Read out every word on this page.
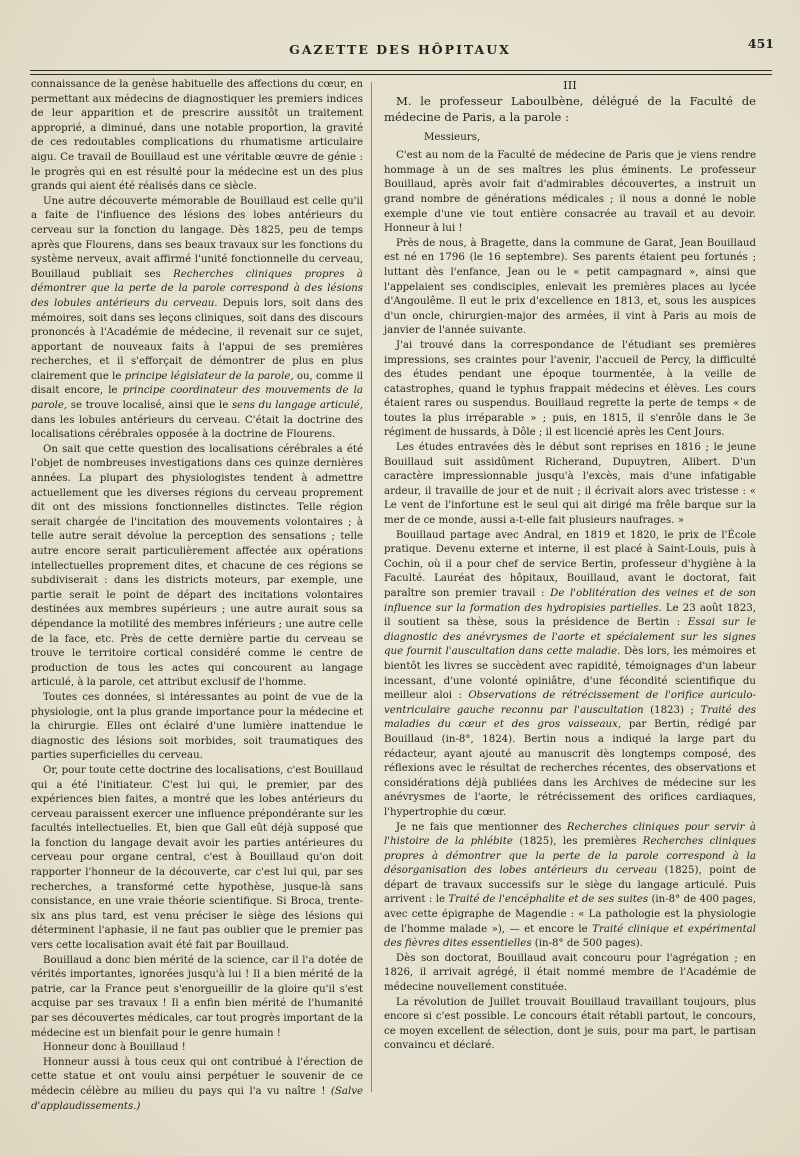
GAZETTE DES HÔPITAUX	451

connaissance de la genèse habituelle des affections du cœur, en permettant aux médecins de diagnostiquer les premiers indices de leur apparition et de prescrire aussitôt un traitement approprié, a diminué, dans une notable proportion, la gravité de ces redoutables complications du rhumatisme articulaire aigu. Ce travail de Bouillaud est une véritable œuvre de génie : le progrès qui en est résulté pour la médecine est un des plus grands qui aient été réalisés dans ce siècle.

Une autre découverte mémorable de Bouillaud est celle qu'il a faite de l'influence des lésions des lobes antérieurs du cerveau sur la fonction du langage. Dès 1825, peu de temps après que Flourens, dans ses beaux travaux sur les fonctions du système nerveux, avait affirmé l'unité fonctionnelle du cerveau, Bouillaud publiait ses Recherches cliniques propres à démontrer que la perte de la parole correspond à des lésions des lobules antérieurs du cerveau. Depuis lors, soit dans des mémoires, soit dans ses leçons cliniques, soit dans des discours prononcés à l'Académie de médecine, il revenait sur ce sujet, apportant de nouveaux faits à l'appui de ses premières recherches, et il s'efforçait de démontrer de plus en plus clairement que le principe législateur de la parole, ou, comme il disait encore, le principe coordinateur des mouvements de la parole, se trouve localisé, ainsi que le sens du langage articulé, dans les lobules antérieurs du cerveau. C'était la doctrine des localisations cérébrales opposée à la doctrine de Flourens.

On sait que cette question des localisations cérébrales a été l'objet de nombreuses investigations dans ces quinze dernières années. La plupart des physiologistes tendent à admettre actuellement que les diverses régions du cerveau proprement dit ont des missions fonctionnelles distinctes. Telle région serait chargée de l'incitation des mouvements volontaires ; à telle autre serait dévolue la perception des sensations ; telle autre encore serait particulièrement affectée aux opérations intellectuelles proprement dites, et chacune de ces régions se subdiviserait : dans les districts moteurs, par exemple, une partie serait le point de départ des incitations volontaires destinées aux membres supérieurs ; une autre aurait sous sa dépendance la motilité des membres inférieurs ; une autre celle de la face, etc. Près de cette dernière partie du cerveau se trouve le territoire cortical considéré comme le centre de production de tous les actes qui concourent au langage articulé, à la parole, cet attribut exclusif de l'homme.

Toutes ces données, si intéressantes au point de vue de la physiologie, ont la plus grande importance pour la médecine et la chirurgie. Elles ont éclairé d'une lumière inattendue le diagnostic des lésions soit morbides, soit traumatiques des parties superficielles du cerveau.

Or, pour toute cette doctrine des localisations, c'est Bouillaud qui a été l'initiateur. C'est lui qui, le premier, par des expériences bien faites, a montré que les lobes antérieurs du cerveau paraissent exercer une influence prépondérante sur les facultés intellectuelles. Et, bien que Gall eût déjà supposé que la fonction du langage devait avoir les parties antérieures du cerveau pour organe central, c'est à Bouillaud qu'on doit rapporter l'honneur de la découverte, car c'est lui qui, par ses recherches, a transformé cette hypothèse, jusque-là sans consistance, en une vraie théorie scientifique. Si Broca, trente-six ans plus tard, est venu préciser le siège des lésions qui déterminent l'aphasie, il ne faut pas oublier que le premier pas vers cette localisation avait été fait par Bouillaud.

Bouillaud a donc bien mérité de la science, car il l'a dotée de vérités importantes, ignorées jusqu'à lui ! Il a bien mérité de la patrie, car la France peut s'enorgueillir de la gloire qu'il s'est acquise par ses travaux ! Il a enfin bien mérité de l'humanité par ses découvertes médicales, car tout progrès important de la médecine est un bienfait pour le genre humain !

Honneur donc à Bouillaud !

Honneur aussi à tous ceux qui ont contribué à l'érection de cette statue et ont voulu ainsi perpétuer le souvenir de ce médecin célèbre au milieu du pays qui l'a vu naître ! (Salve d'applaudissements.)

III

M. le professeur Laboulbène, délégué de la Faculté de médecine de Paris, a la parole :

Messieurs,

C'est au nom de la Faculté de médecine de Paris que je viens rendre hommage à un de ses maîtres les plus éminents. Le professeur Bouillaud, après avoir fait d'admirables découvertes, a instruit un grand nombre de générations médicales ; il nous a donné le noble exemple d'une vie tout entière consacrée au travail et au devoir. Honneur à lui !

Près de nous, à Bragette, dans la commune de Garat, Jean Bouillaud est né en 1796 (le 16 septembre). Ses parents étaient peu fortunés ; luttant dès l'enfance, Jean ou le « petit campagnard », ainsi que l'appelaient ses condisciples, enlevait les premières places au lycée d'Angoulême. Il eut le prix d'excellence en 1813, et, sous les auspices d'un oncle, chirurgien-major des armées, il vint à Paris au mois de janvier de l'année suivante.

J'ai trouvé dans la correspondance de l'étudiant ses premières impressions, ses craintes pour l'avenir, l'accueil de Percy, la difficulté des études pendant une époque tourmentée, à la veille de catastrophes, quand le typhus frappait médecins et élèves. Les cours étaient rares ou suspendus. Bouillaud regrette la perte de temps « de toutes la plus irréparable » ; puis, en 1815, il s'enrôle dans le 3e régiment de hussards, à Dôle ; il est licencié après les Cent Jours.

Les études entravées dès le début sont reprises en 1816 ; le jeune Bouillaud suit assidûment Richerand, Dupuytren, Alibert. D'un caractère impressionnable jusqu'à l'excès, mais d'une infatigable ardeur, il travaille de jour et de nuit ; il écrivait alors avec tristesse : « Le vent de l'infortune est le seul qui ait dirigé ma frêle barque sur la mer de ce monde, aussi a-t-elle fait plusieurs naufrages. »

Bouillaud partage avec Andral, en 1819 et 1820, le prix de l'École pratique. Devenu externe et interne, il est placé à Saint-Louis, puis à Cochin, où il a pour chef de service Bertin, professeur d'hygiène à la Faculté. Lauréat des hôpitaux, Bouillaud, avant le doctorat, fait paraître son premier travail : De l'oblitération des veines et de son influence sur la formation des hydropisies partielles. Le 23 août 1823, il soutient sa thèse, sous la présidence de Bertin : Essai sur le diagnostic des anévrysmes de l'aorte et spécialement sur les signes que fournit l'auscultation dans cette maladie. Dès lors, les mémoires et bientôt les livres se succèdent avec rapidité, témoignages d'un labeur incessant, d'une volonté opiniâtre, d'une fécondité scientifique du meilleur aloi : Observations de rétrécissement de l'orifice auriculo-ventriculaire gauche reconnu par l'auscultation (1823) ; Traité des maladies du cœur et des gros vaisseaux, par Bertin, rédigé par Bouillaud (in-8°, 1824). Bertin nous a indiqué la large part du rédacteur, ayant ajouté au manuscrit dès longtemps composé, des réflexions avec le résultat de recherches récentes, des observations et considérations déjà publiées dans les Archives de médecine sur les anévrysmes de l'aorte, le rétrécissement des orifices cardiaques, l'hypertrophie du cœur.

Je ne fais que mentionner des Recherches cliniques pour servir à l'histoire de la phlébite (1825), les premières Recherches cliniques propres à démontrer que la perte de la parole correspond à la désorganisation des lobes antérieurs du cerveau (1825), point de départ de travaux successifs sur le siège du langage articulé. Puis arrivent : le Traité de l'encéphalite et de ses suites (in-8° de 400 pages, avec cette épigraphe de Magendie : « La pathologie est la physiologie de l'homme malade »), — et encore le Traité clinique et expérimental des fièvres dites essentielles (in-8° de 500 pages).

Dès son doctorat, Bouillaud avait concouru pour l'agrégation ; en 1826, il arrivait agrégé, il était nommé membre de l'Académie de médecine nouvellement constituée.

La révolution de Juillet trouvait Bouillaud travaillant toujours, plus encore si c'est possible. Le concours était rétabli partout, le concours, ce moyen excellent de sélection, dont je suis, pour ma part, le partisan convaincu et déclaré.
